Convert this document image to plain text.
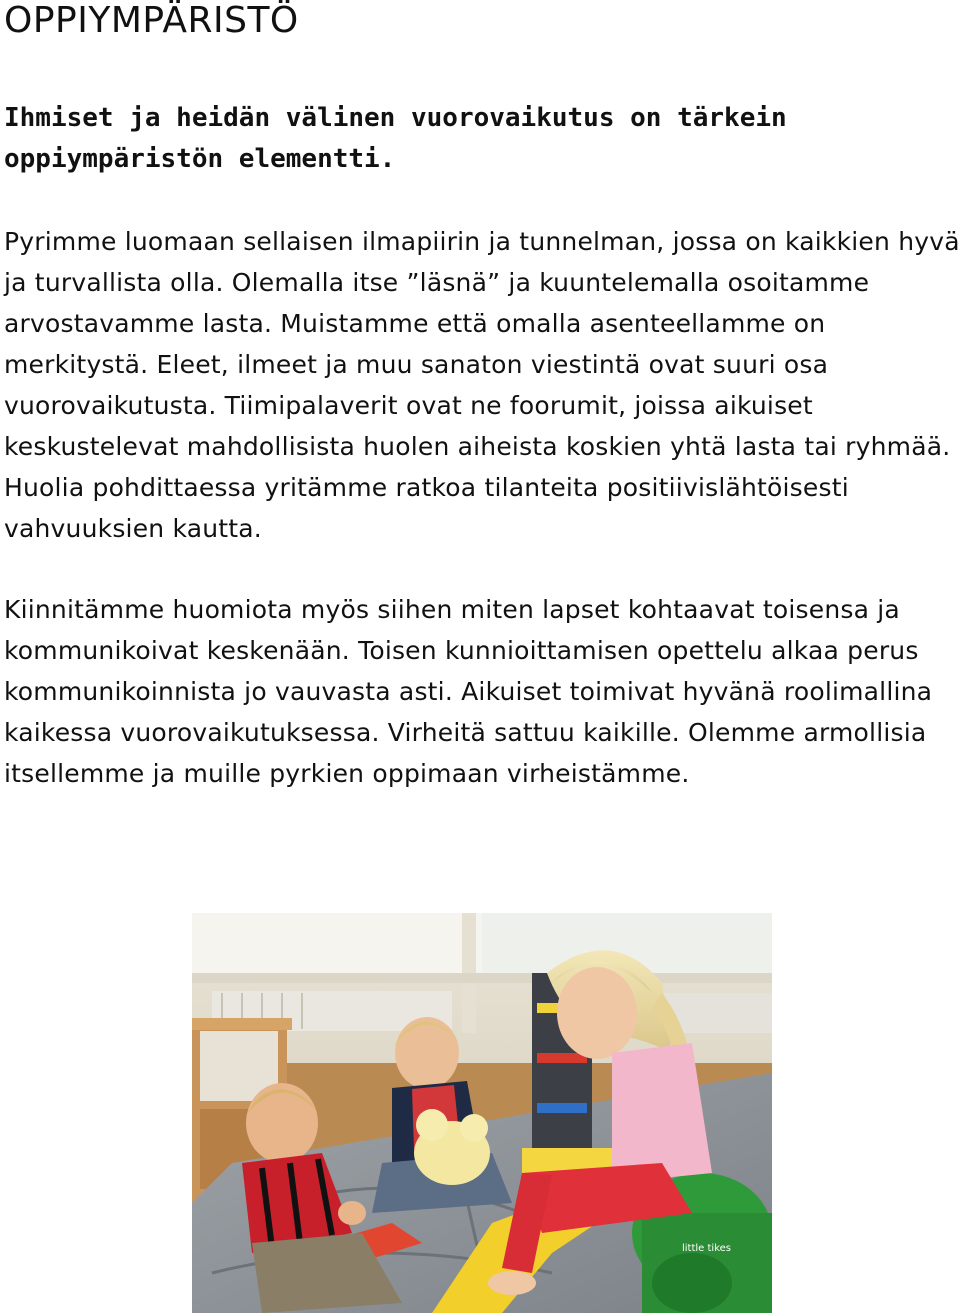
OPPIYMPÄRISTÖ

Ihmiset ja heidän välinen vuorovaikutus on tärkein oppiympäristön elementti.

Pyrimme luomaan sellaisen ilmapiirin ja tunnelman, jossa on kaikkien hyvä ja turvallista olla. Olemalla itse ”läsnä” ja kuuntelemalla osoitamme arvostavamme lasta. Muistamme että omalla asenteellamme on merkitystä. Eleet, ilmeet ja muu sanaton viestintä ovat suuri osa vuorovaikutusta. Tiimipalaverit ovat ne foorumit, joissa aikuiset keskustelevat mahdollisista huolen aiheista koskien yhtä lasta tai ryhmää. Huolia pohdittaessa yritämme ratkoa tilanteita positiivislähtöisesti vahvuuksien kautta.

Kiinnitämme huomiota myös siihen miten lapset kohtaavat toisensa ja kommunikoivat keskenään. Toisen kunnioittamisen opettelu alkaa perus kommunikoinnista jo vauvasta asti. Aikuiset toimivat hyvänä roolimallina kaikessa vuorovaikutuksessa. Virheitä sattuu kaikille. Olemme armollisia itsellemme ja muille pyrkien oppimaan virheistämme.

little tikes
